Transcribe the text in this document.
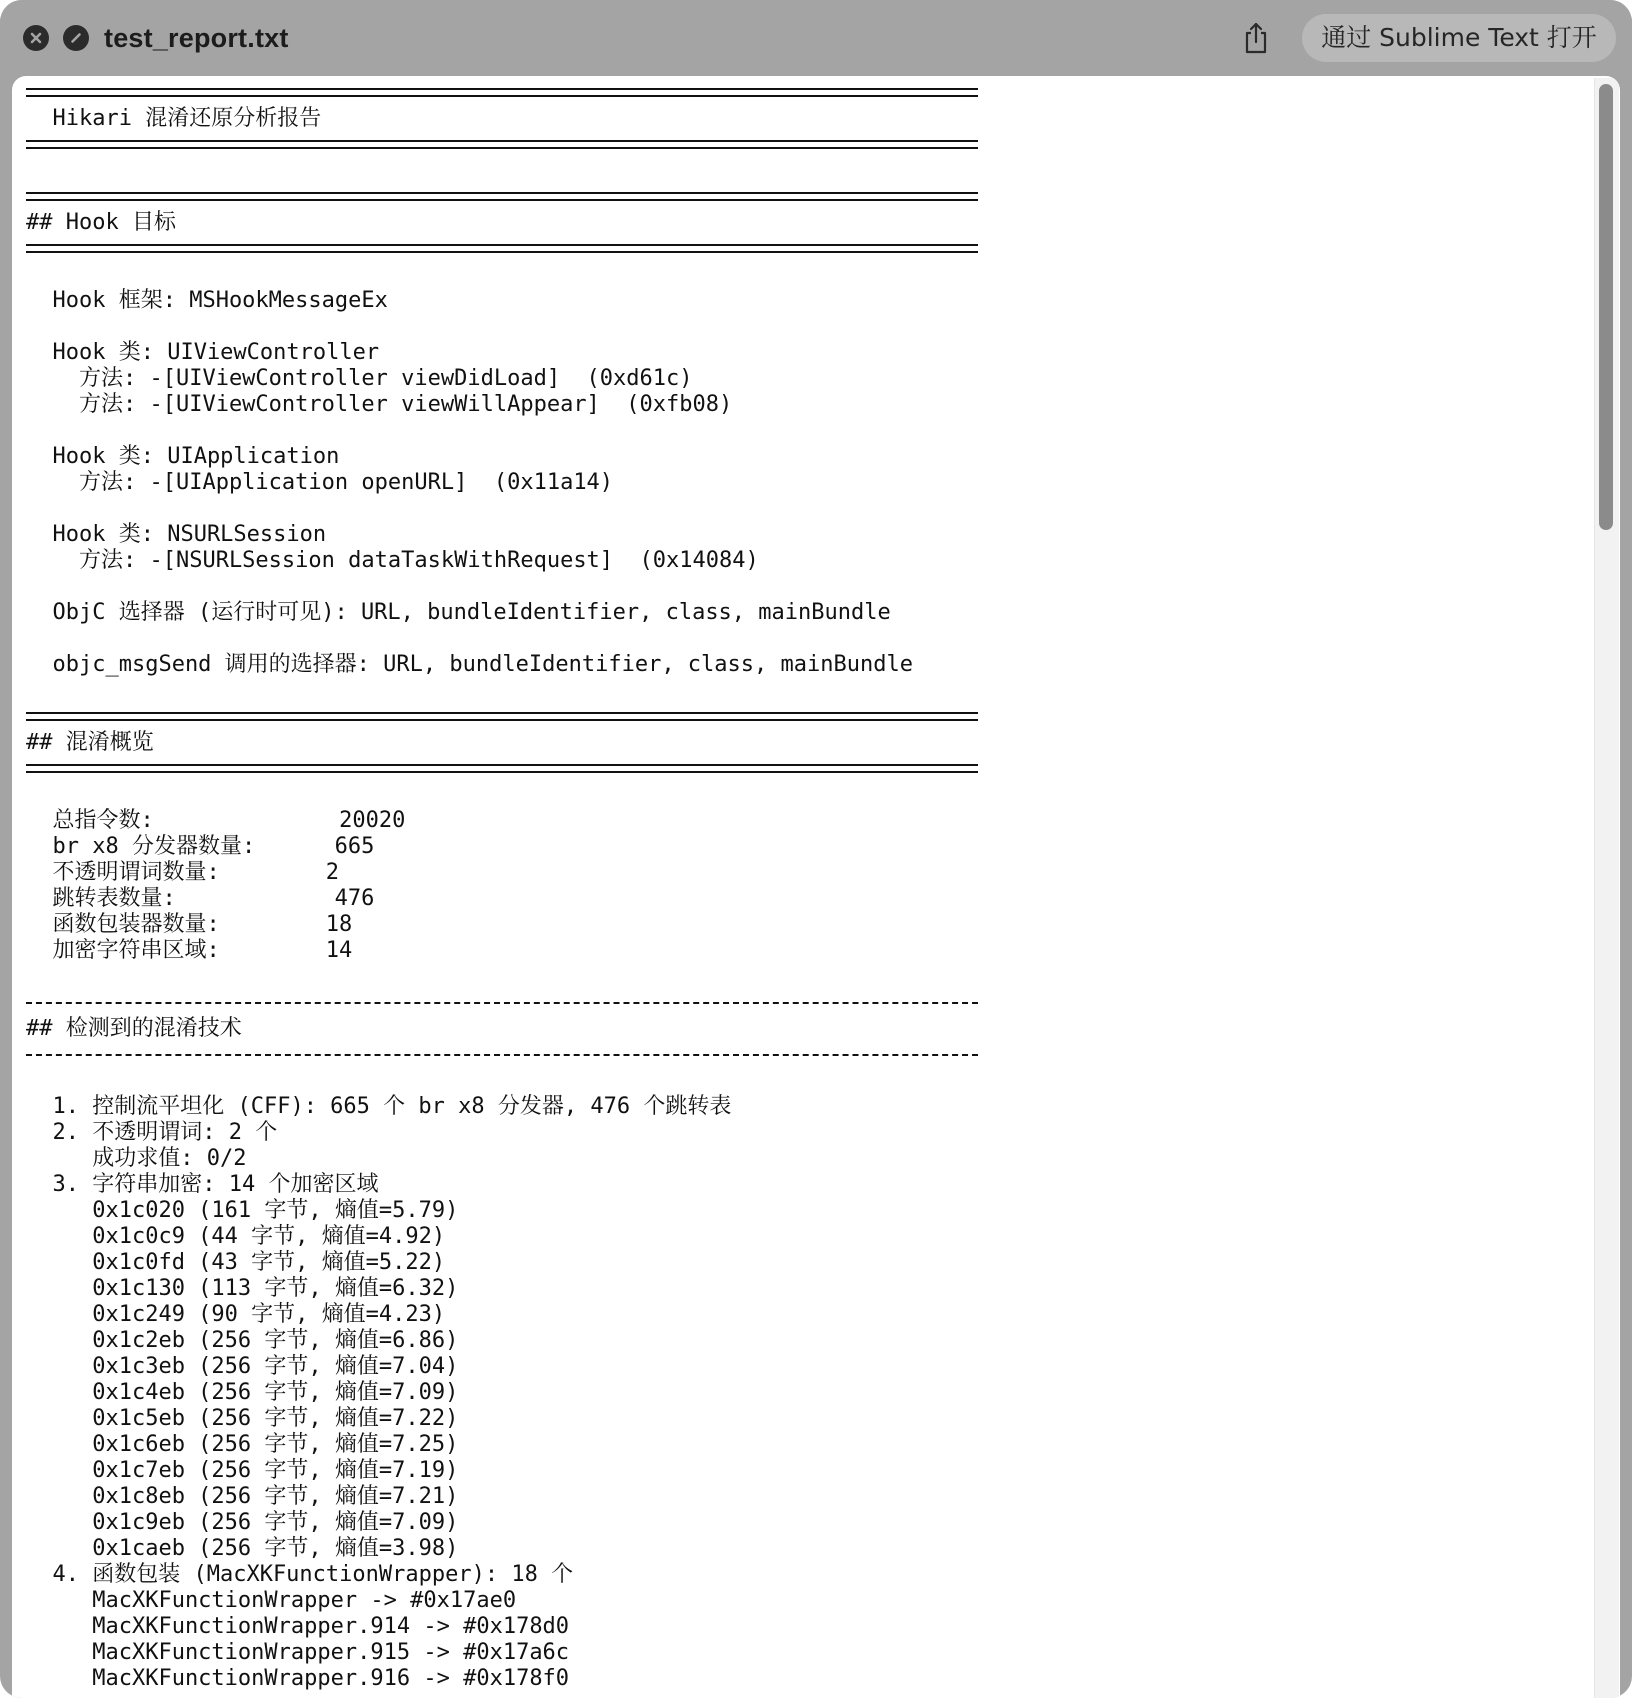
test_report.txt	通过 Sublime Text 打开
Hikari 混淆还原分析报告
## Hook 目标
Hook 框架: MSHookMessageEx
Hook 类: UIViewController
方法: -[UIViewController viewDidLoad]  (0xd61c)
方法: -[UIViewController viewWillAppear]  (0xfb08)
Hook 类: UIApplication
方法: -[UIApplication openURL]  (0x11a14)
Hook 类: NSURLSession
方法: -[NSURLSession dataTaskWithRequest]  (0x14084)
ObjC 选择器 (运行时可见): URL, bundleIdentifier, class, mainBundle
objc_msgSend 调用的选择器: URL, bundleIdentifier, class, mainBundle
## 混淆概览
总指令数:              20020
br x8 分发器数量:      665
不透明谓词数量:        2
跳转表数量:            476
函数包装器数量:        18
加密字符串区域:        14
## 检测到的混淆技术
1. 控制流平坦化 (CFF): 665 个 br x8 分发器, 476 个跳转表
2. 不透明谓词: 2 个
成功求值: 0/2
3. 字符串加密: 14 个加密区域
0x1c020 (161 字节, 熵值=5.79)
0x1c0c9 (44 字节, 熵值=4.92)
0x1c0fd (43 字节, 熵值=5.22)
0x1c130 (113 字节, 熵值=6.32)
0x1c249 (90 字节, 熵值=4.23)
0x1c2eb (256 字节, 熵值=6.86)
0x1c3eb (256 字节, 熵值=7.04)
0x1c4eb (256 字节, 熵值=7.09)
0x1c5eb (256 字节, 熵值=7.22)
0x1c6eb (256 字节, 熵值=7.25)
0x1c7eb (256 字节, 熵值=7.19)
0x1c8eb (256 字节, 熵值=7.21)
0x1c9eb (256 字节, 熵值=7.09)
0x1caeb (256 字节, 熵值=3.98)
4. 函数包装 (MacXKFunctionWrapper): 18 个
MacXKFunctionWrapper -> #0x17ae0
MacXKFunctionWrapper.914 -> #0x178d0
MacXKFunctionWrapper.915 -> #0x17a6c
MacXKFunctionWrapper.916 -> #0x178f0
